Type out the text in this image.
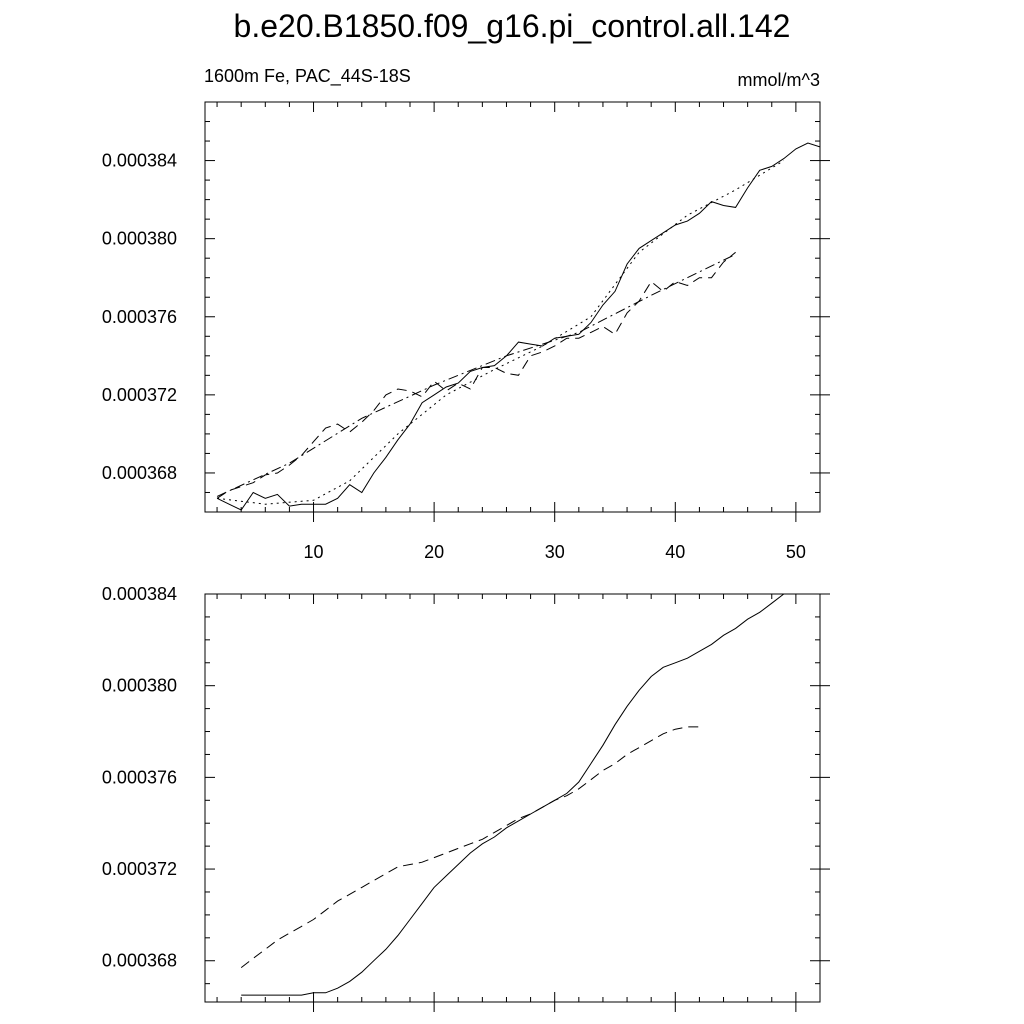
b.e20.B1850.f09_g16.pi_control.all.142
1600m Fe, PAC_44S-18S	mmol/m^3
10	20	30	40	50
0.000368
0.000372
0.000376
0.000380
0.000384
0.000368
0.000372
0.000376
0.000380
0.000384
